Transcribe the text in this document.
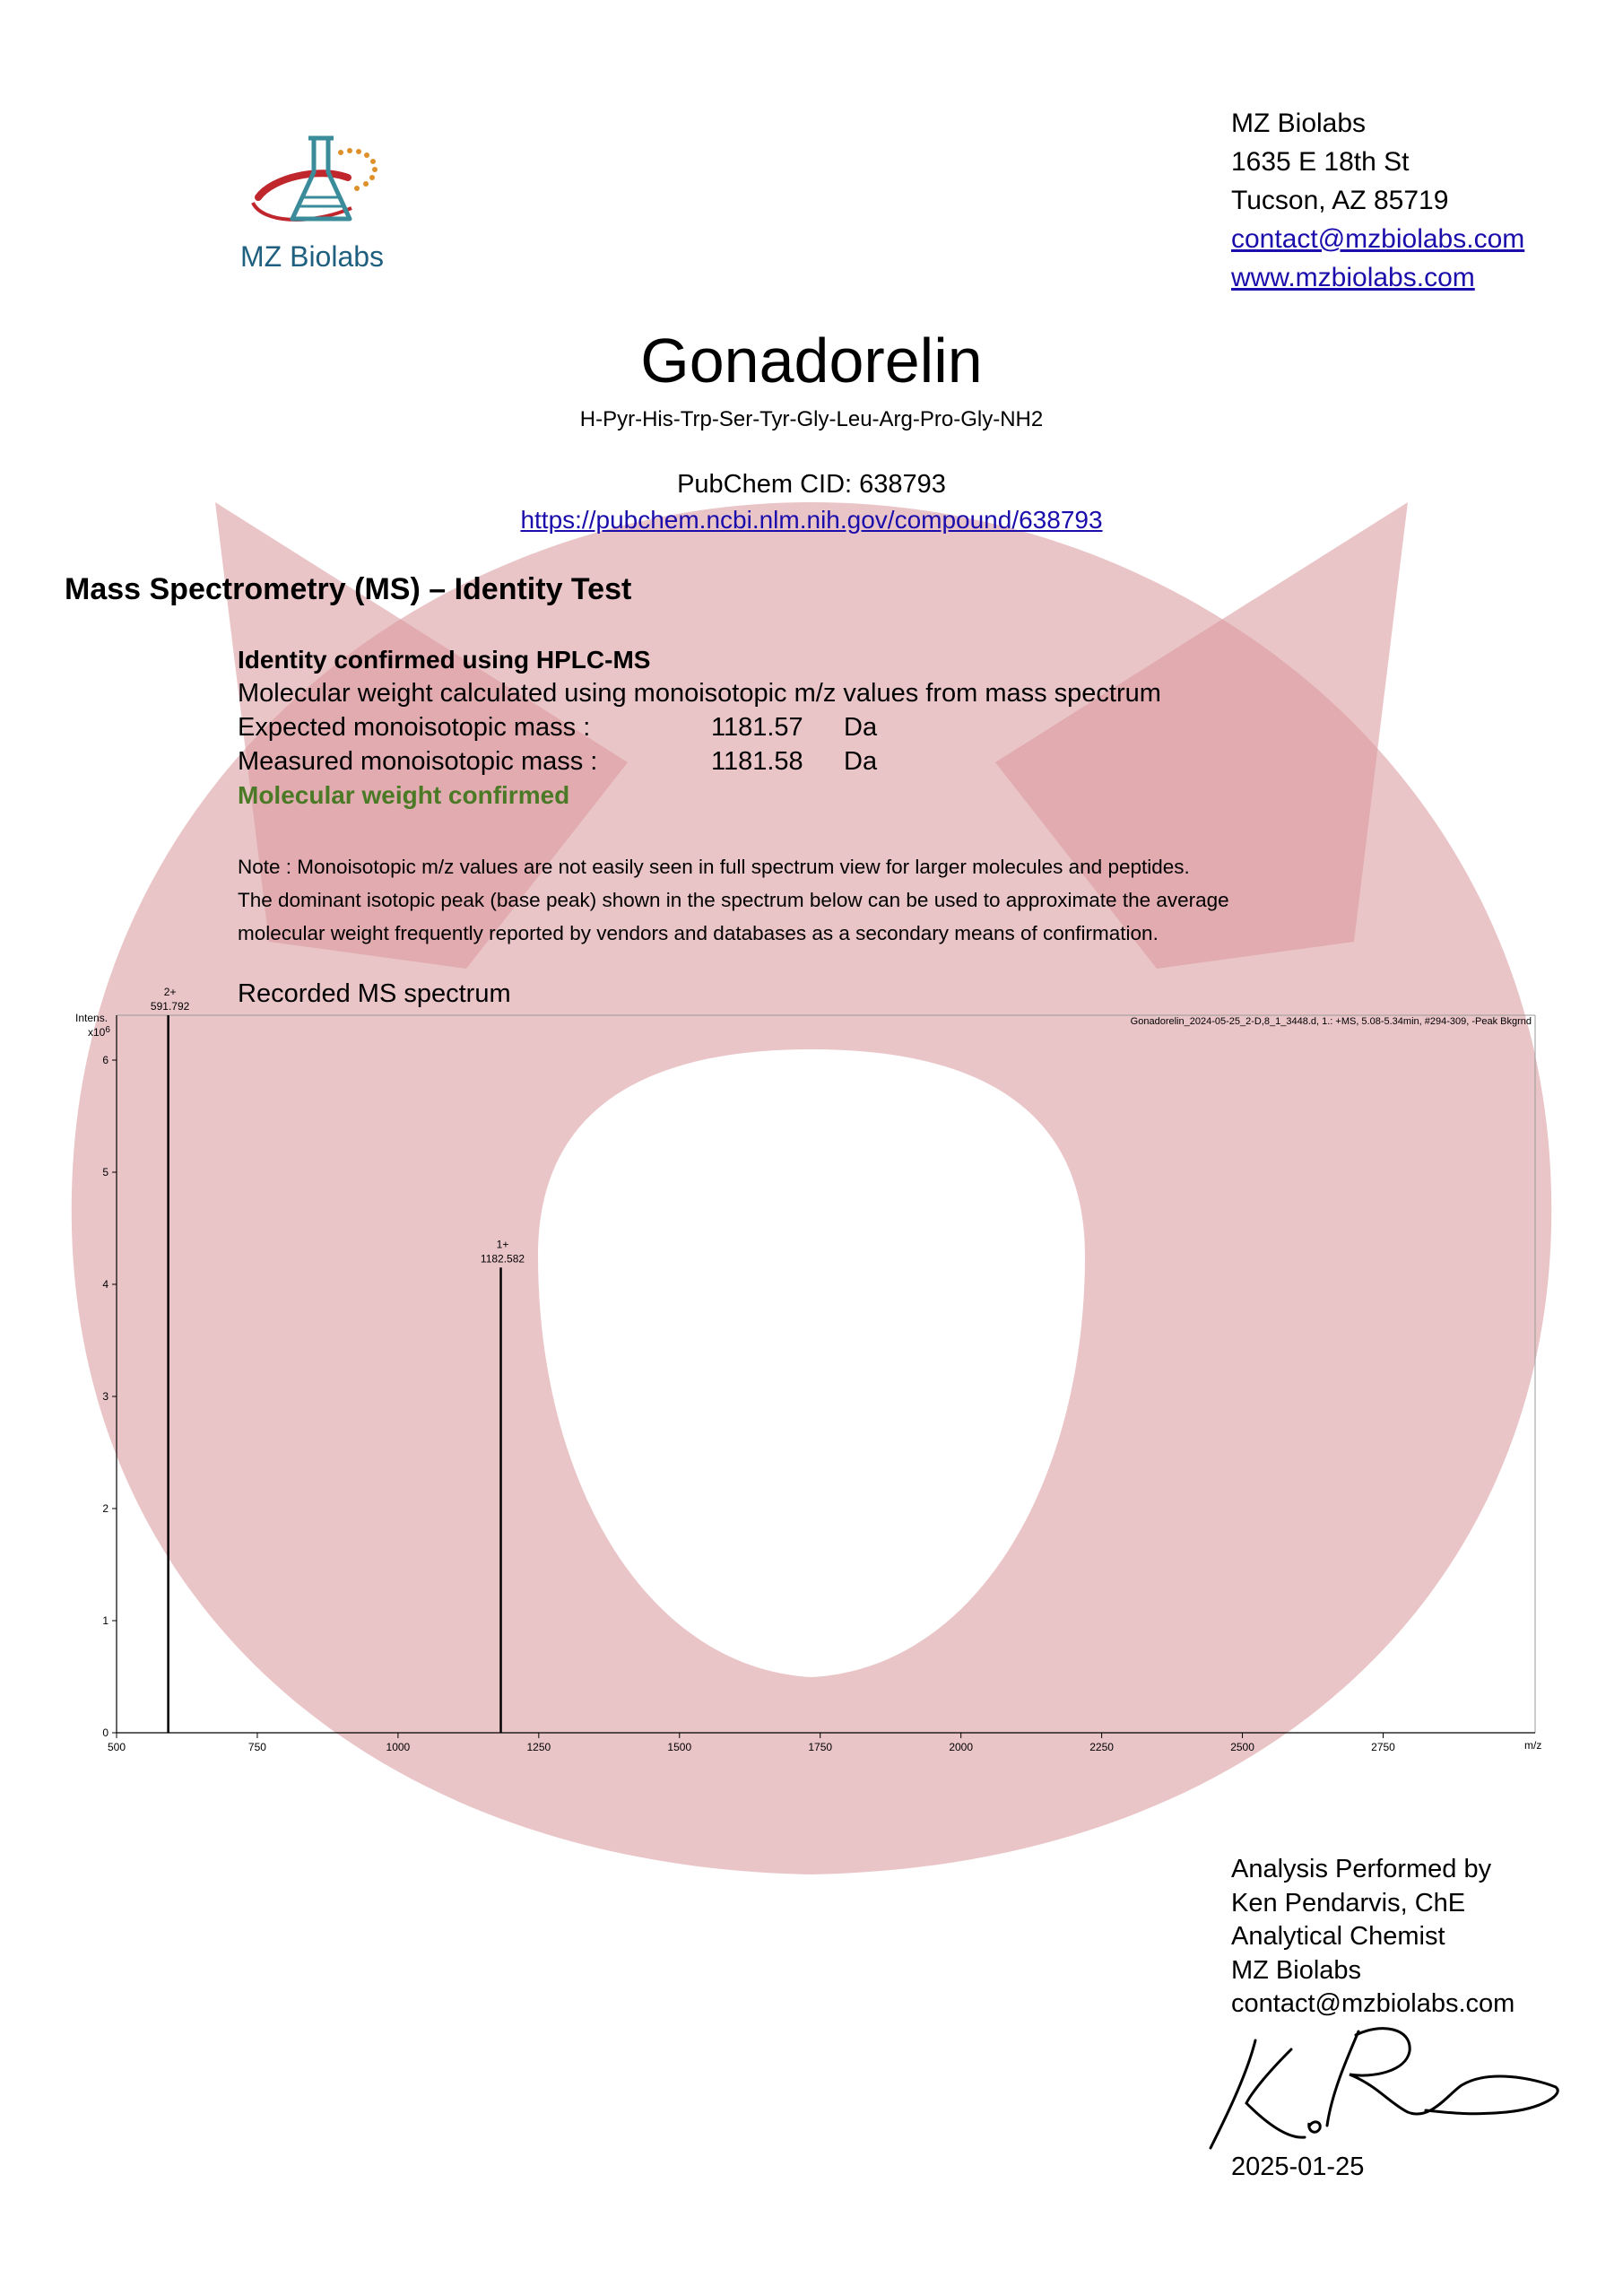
MZ Biolabs
MZ Biolabs
1635 E 18th St
Tucson, AZ 85719
contact@mzbiolabs.com
www.mzbiolabs.com
Gonadorelin
H-Pyr-His-Trp-Ser-Tyr-Gly-Leu-Arg-Pro-Gly-NH2
PubChem CID: 638793
https://pubchem.ncbi.nlm.nih.gov/compound/638793
Mass Spectrometry (MS) – Identity Test
Identity confirmed using HPLC-MS
Molecular weight calculated using monoisotopic m/z values from mass spectrum
Expected monoisotopic mass :	1181.57 Da
Measured monoisotopic mass :	1181.58 Da
Molecular weight confirmed
Note : Monoisotopic m/z values are not easily seen in full spectrum view for larger molecules and peptides.
The dominant isotopic peak (base peak) shown in the spectrum below can be used to approximate the average
molecular weight frequently reported by vendors and databases as a secondary means of confirmation.
Recorded MS spectrum
Gonadorelin_2024-05-25_2-D,8_1_3448.d, 1.: +MS, 5.08-5.34min, #294-309, -Peak Bkgrnd
Intens.
$x10^6$
m/z
500	750	1000	1250	1500	1750	2000	2250	2500	2750
0
1
2
3
4
5
6
2+
591.792
1+
1182.582
Analysis Performed by
Ken Pendarvis, ChE
Analytical Chemist
MZ Biolabs
contact@mzbiolabs.com
2025-01-25
